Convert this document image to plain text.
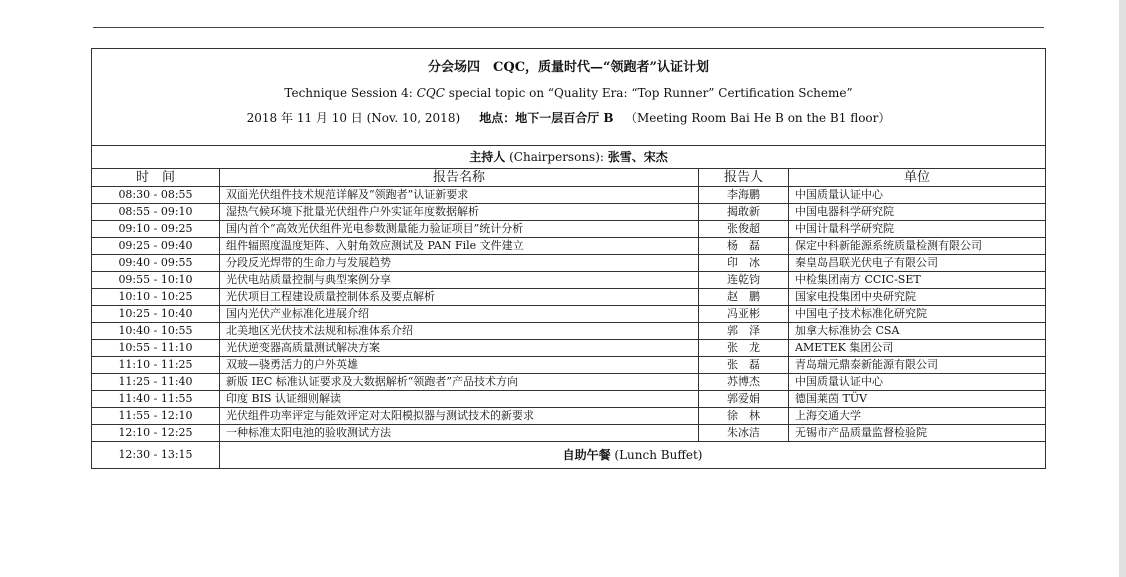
分会场四　CQC，质量时代—“领跑者”认证计划
Technique Session 4: CQC special topic on “Quality Era: “Top Runner” Certification Scheme”
2018 年 11 月 10 日 (Nov. 10, 2018) 地点：地下一层百合厅 B （Meeting Room Bai He B on the B1 floor）			

主持人 (Chairpersons): 张雪、宋杰			
时　间	报告名称	报告人	单位
08:30 - 08:55	双面光伏组件技术规范详解及“领跑者”认证新要求	李海鹏	中国质量认证中心
08:55 - 09:10	湿热气候环境下批量光伏组件户外实证年度数据解析	揭敢新	中国电器科学研究院
09:10 - 09:25	国内首个“高效光伏组件光电参数测量能力验证项目”统计分析	张俊超	中国计量科学研究院
09:25 - 09:40	组件辐照度温度矩阵、入射角效应测试及 PAN File 文件建立	杨　磊	保定中科新能源系统质量检测有限公司
09:40 - 09:55	分段反光焊带的生命力与发展趋势	印　冰	秦皇岛昌联光伏电子有限公司
09:55 - 10:10	光伏电站质量控制与典型案例分享	连乾钧	中检集团南方 CCIC-SET
10:10 - 10:25	光伏项目工程建设质量控制体系及要点解析	赵　鹏	国家电投集团中央研究院
10:25 - 10:40	国内光伏产业标准化进展介绍	冯亚彬	中国电子技术标准化研究院
10:40 - 10:55	北美地区光伏技术法规和标准体系介绍	郭　泽	加拿大标准协会 CSA
10:55 - 11:10	光伏逆变器高质量测试解决方案	张　龙	AMETEK 集团公司
11:10 - 11:25	双玻—骁勇活力的户外英雄	张　磊	青岛瑞元鼎泰新能源有限公司
11:25 - 11:40	新版 IEC 标准认证要求及大数据解析“领跑者”产品技术方向	苏博杰	中国质量认证中心
11:40 - 11:55	印度 BIS 认证细则解读	郭爱娟	德国莱茵 TÜV
11:55 - 12:10	光伏组件功率评定与能效评定对太阳模拟器与测试技术的新要求	徐　林	上海交通大学
12:10 - 12:25	一种标准太阳电池的验收测试方法	朱冰洁	无锡市产品质量监督检验院
12:30 - 13:15	自助午餐 (Lunch Buffet)		
